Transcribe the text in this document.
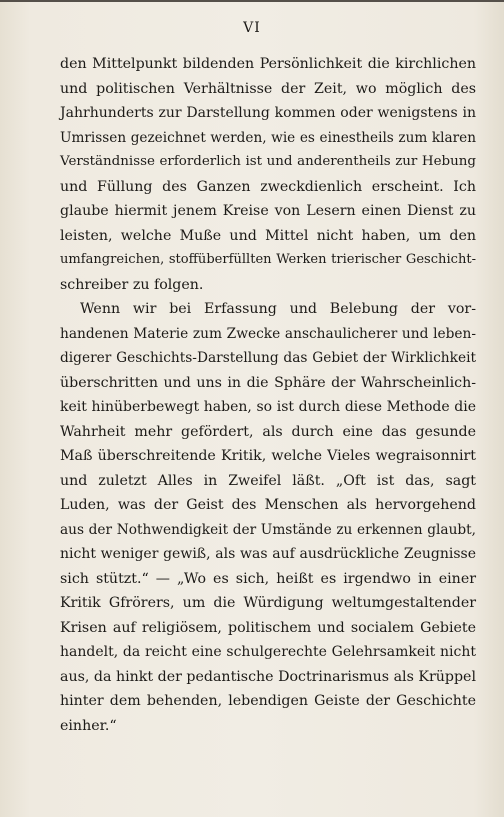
VI
den Mittelpunkt bildenden Persönlichkeit die kirchlichen
und politischen Verhältnisse der Zeit, wo möglich des
Jahrhunderts zur Darstellung kommen oder wenigstens in
Umrissen gezeichnet werden, wie es einestheils zum klaren
Verständnisse erforderlich ist und anderentheils zur Hebung
und Füllung des Ganzen zweckdienlich erscheint. Ich
glaube hiermit jenem Kreise von Lesern einen Dienst zu
leisten, welche Muße und Mittel nicht haben, um den
umfangreichen, stoffüberfüllten Werken trierischer Geschicht-
schreiber zu folgen.
Wenn wir bei Erfassung und Belebung der vor-
handenen Materie zum Zwecke anschaulicherer und leben-
digerer Geschichts-Darstellung das Gebiet der Wirklichkeit
überschritten und uns in die Sphäre der Wahrscheinlich-
keit hinüberbewegt haben, so ist durch diese Methode die
Wahrheit mehr gefördert, als durch eine das gesunde
Maß überschreitende Kritik, welche Vieles wegraisonnirt
und zuletzt Alles in Zweifel läßt. „Oft ist das, sagt
Luden, was der Geist des Menschen als hervorgehend
aus der Nothwendigkeit der Umstände zu erkennen glaubt,
nicht weniger gewiß, als was auf ausdrückliche Zeugnisse
sich stützt.“ — „Wo es sich, heißt es irgendwo in einer
Kritik Gfrörers, um die Würdigung weltumgestaltender
Krisen auf religiösem, politischem und socialem Gebiete
handelt, da reicht eine schulgerechte Gelehrsamkeit nicht
aus, da hinkt der pedantische Doctrinarismus als Krüppel
hinter dem behenden, lebendigen Geiste der Geschichte
einher.“
